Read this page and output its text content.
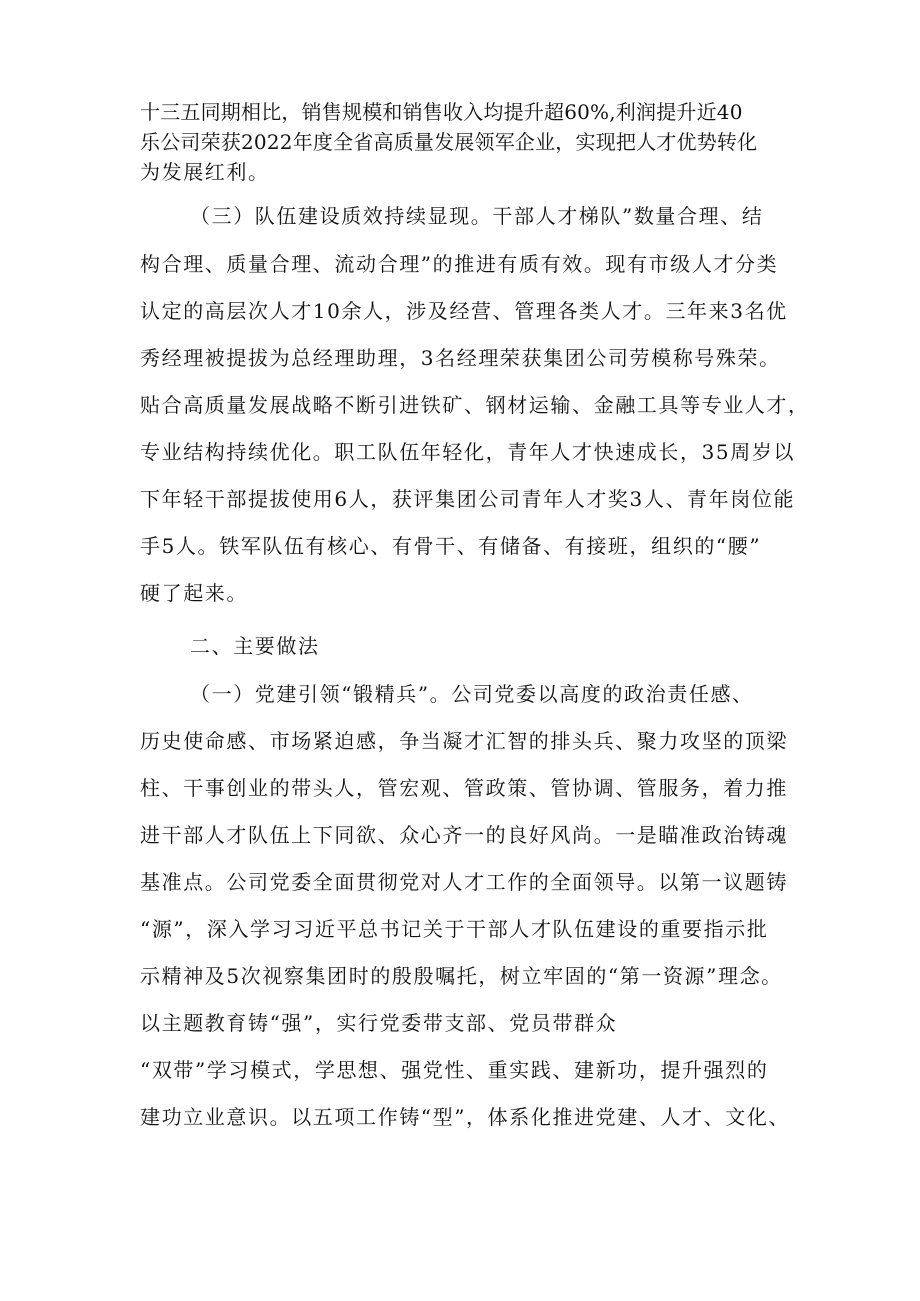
十三五同期相比，销售规模和销售收入均提升超60%,利润提升近40
乐公司荣获2022年度全省高质量发展领军企业，实现把人才优势转化
为发展红利。
（三）队伍建设质效持续显现。干部人才梯队”数量合理、结
构合理、质量合理、流动合理”的推进有质有效。现有市级人才分类
认定的高层次人才10余人，涉及经营、管理各类人才。三年来3名优
秀经理被提拔为总经理助理，3名经理荣获集团公司劳模称号殊荣。
贴合高质量发展战略不断引进铁矿、钢材运输、金融工具等专业人才，
专业结构持续优化。职工队伍年轻化，青年人才快速成长，35周岁以
下年轻干部提拔使用6人，获评集团公司青年人才奖3人、青年岗位能
手5人。铁军队伍有核心、有骨干、有储备、有接班，组织的“腰”
硬了起来。
二、主要做法
（一）党建引领“锻精兵”。公司党委以高度的政治责任感、
历史使命感、市场紧迫感，争当凝才汇智的排头兵、聚力攻坚的顶梁
柱、干事创业的带头人，管宏观、管政策、管协调、管服务，着力推
进干部人才队伍上下同欲、众心齐一的良好风尚。一是瞄准政治铸魂
基准点。公司党委全面贯彻党对人才工作的全面领导。以第一议题铸
“源”，深入学习习近平总书记关于干部人才队伍建设的重要指示批
示精神及5次视察集团时的殷殷嘱托，树立牢固的“第一资源”理念。
以主题教育铸“强”，实行党委带支部、党员带群众
“双带”学习模式，学思想、强党性、重实践、建新功，提升强烈的
建功立业意识。以五项工作铸“型”，体系化推进党建、人才、文化、
